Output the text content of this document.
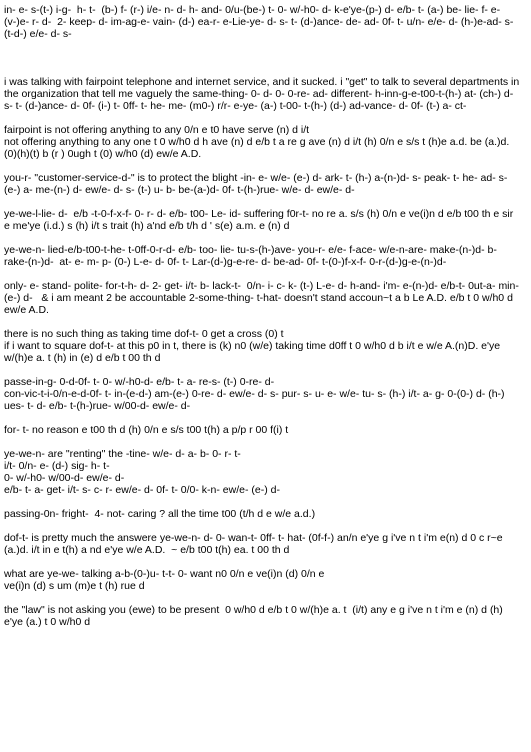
in- e- s-(t-) i-g-  h- t-  (b-) f- (r-) i/e- n- d- h- and- 0/u-(be-) t- 0- w/-h0- d- k-e'ye-(p-) d- e/b- t- (a-) be- lie- f- e-(v-)e- r- d-  2- keep- d- im-ag-e- vain- (d-) ea-r- e-Lie-ye- d- s- t- (d-)ance- de- ad- 0f- t- u/n- e/e- d- (h-)e-ad- s- (t-d-) e/e- d- s-

i was talking with fairpoint telephone and internet service, and it sucked. i "get" to talk to several departments in the organization that tell me vaguely the same-thing- 0- d- 0- 0-re- ad- different- h-inn-g-e-t00-t-(h-) at- (ch-) d- s- t- (d-)ance- d- 0f- (i-) t- 0ff- t- he- me- (m0-) r/r- e-ye- (a-) t-00- t-(h-) (d-) ad-vance- d- 0f- (t-) a- ct-

fairpoint is not offering anything to any 0/n e t0 have serve (n) d i/t
not offering anything to any one t 0 w/h0 d h ave (n) d e/b t a re g ave (n) d i/t (h) 0/n e s/s t (h)e a.d. be (a.)d. (0)(h)(t) b (r ) 0ugh t (0) w/h0 (d) ew/e A.D.

you-r- "customer-service-d-" is to protect the blight -in- e- w/e- (e-) d- ark- t- (h-) a-(n-)d- s- peak- t- he- ad- s- (e-) a- me-(n-) d- ew/e- d- s- (t-) u- b- be-(a-)d- 0f- t-(h-)rue- w/e- d- ew/e- d-

ye-we-l-lie- d-  e/b -t-0-f-x-f- 0- r- d- e/b- t00- Le- id- suffering f0r-t- no re a. s/s (h) 0/n e ve(i)n d e/b t00 th e sir e me'ye (i.d.) s (h) i/t s trait (h) a'nd e/b t/h d ' s(e) a.m. e (n) d

ye-we-n- lied-e/b-t00-t-he- t-0ff-0-r-d- e/b- too- lie- tu-s-(h-)ave- you-r- e/e- f-ace- w/e-n-are- make-(n-)d- b- rake-(n-)d-  at- e- m- p- (0-) L-e- d- 0f- t- Lar-(d-)g-e-re- d- be-ad- 0f- t-(0-)f-x-f- 0-r-(d-)g-e-(n-)d-

only- e- stand- polite- for-t-h- d- 2- get- i/t- b- lack-t-  0/n- i- c- k- (t-) L-e- d- h-and- i'm- e-(n-)d- e/b-t- 0ut-a- min-(e-) d-   & i am meant 2 be accountable 2-some-thing- t-hat- doesn't stand accoun~t a b Le A.D. e/b t 0 w/h0 d ew/e A.D.

there is no such thing as taking time dof-t- 0 get a cross (0) t
if i want to square dof-t- at this p0 in t, there is (k) n0 (w/e) taking time d0ff t 0 w/h0 d b i/t e w/e A.(n)D. e'ye w/(h)e a. t (h) in (e) d e/b t 00 th d

passe-in-g- 0-d-0f- t- 0- w/-h0-d- e/b- t- a- re-s- (t-) 0-re- d-
con-vic-t-i-0/n-e-d-0f- t- in-(e-d-) am-(e-) 0-re- d- ew/e- d- s- pur- s- u- e- w/e- tu- s- (h-) i/t- a- g- 0-(0-) d- (h-) ues- t- d- e/b- t-(h-)rue- w/00-d- ew/e- d-

for- t- no reason e t00 th d (h) 0/n e s/s t00 t(h) a p/p r 00 f(i) t

ye-we-n- are "renting" the -tine- w/e- d- a- b- 0- r- t-
i/t- 0/n- e- (d-) sig- h- t-
0- w/-h0- w/00-d- ew/e- d-
e/b- t- a- get- i/t- s- c- r- ew/e- d- 0f- t- 0/0- k-n- ew/e- (e-) d-

passing-0n- fright-  4- not- caring ? all the time t00 (t/h d e w/e a.d.)

dof-t- is pretty much the answere ye-we-n- d- 0- wan-t- 0ff- t- hat- (0f-f-) an/n e'ye g i've n t i'm e(n) d 0 c r~e (a.)d. i/t in e t(h) a nd e'ye w/e A.D.  ~ e/b t00 t(h) ea. t 00 th d

what are ye-we- talking a-b-(0-)u- t-t- 0- want n0 0/n e ve(i)n (d) 0/n e
ve(i)n (d) s um (m)e t (h) rue d

the "law" is not asking you (ewe) to be present  0 w/h0 d e/b t 0 w/(h)e a. t  (i/t) any e g i've n t i'm e (n) d (h) e'ye (a.) t 0 w/h0 d
